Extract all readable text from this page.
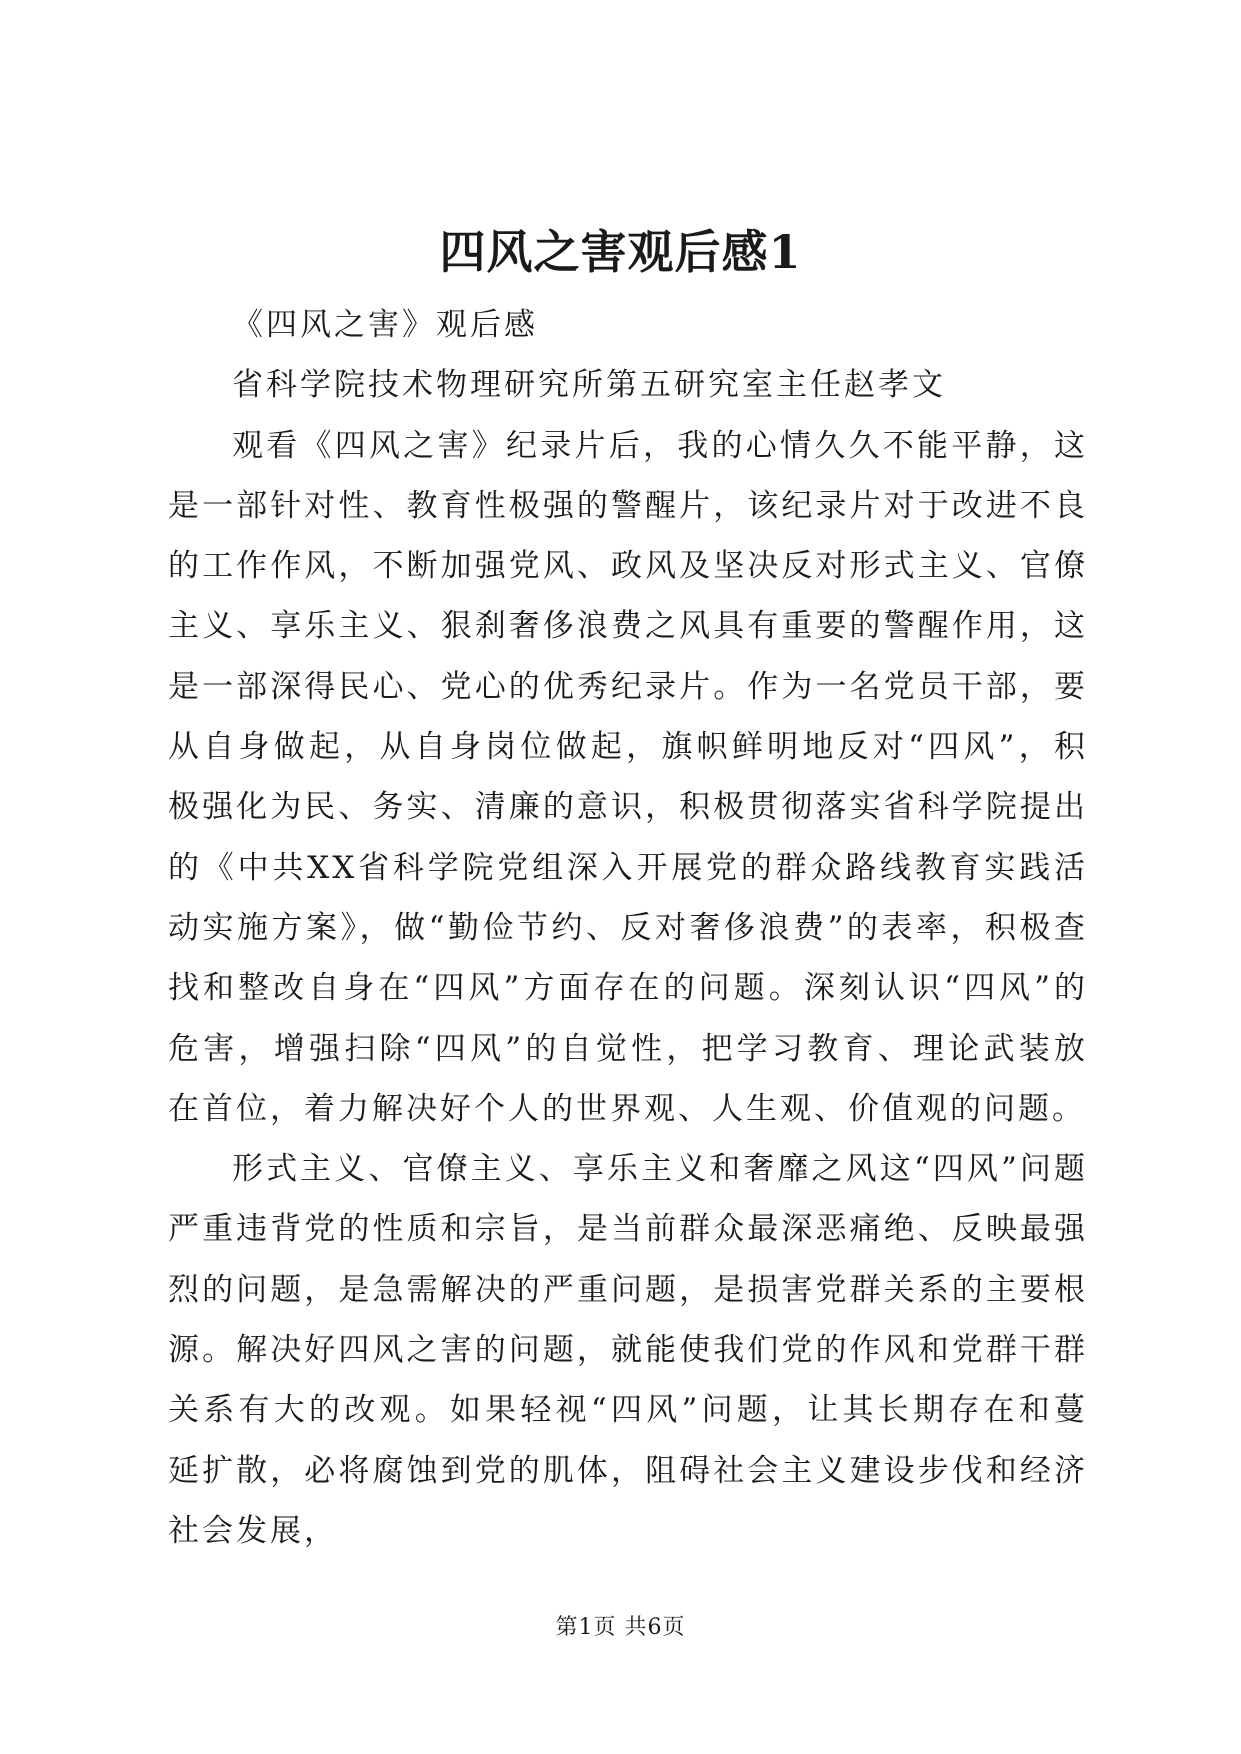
四风之害观后感1

《四风之害》观后感

省科学院技术物理研究所第五研究室主任赵孝文

观看《四风之害》纪录片后，我的心情久久不能平静，这是一部针对性、教育性极强的警醒片，该纪录片对于改进不良的工作作风，不断加强党风、政风及坚决反对形式主义、官僚主义、享乐主义、狠刹奢侈浪费之风具有重要的警醒作用，这是一部深得民心、党心的优秀纪录片。作为一名党员干部，要从自身做起，从自身岗位做起，旗帜鲜明地反对“四风”，积极强化为民、务实、清廉的意识，积极贯彻落实省科学院提出的《中共XX省科学院党组深入开展党的群众路线教育实践活动实施方案》，做“勤俭节约、反对奢侈浪费”的表率，积极查找和整改自身在“四风”方面存在的问题。深刻认识“四风”的危害，增强扫除“四风”的自觉性，把学习教育、理论武装放在首位，着力解决好个人的世界观、人生观、价值观的问题。

形式主义、官僚主义、享乐主义和奢靡之风这“四风”问题严重违背党的性质和宗旨，是当前群众最深恶痛绝、反映最强烈的问题，是急需解决的严重问题，是损害党群关系的主要根源。解决好四风之害的问题，就能使我们党的作风和党群干群关系有大的改观。如果轻视“四风”问题，让其长期存在和蔓延扩散，必将腐蚀到党的肌体，阻碍社会主义建设步伐和经济社会发展，

第1页 共6页
